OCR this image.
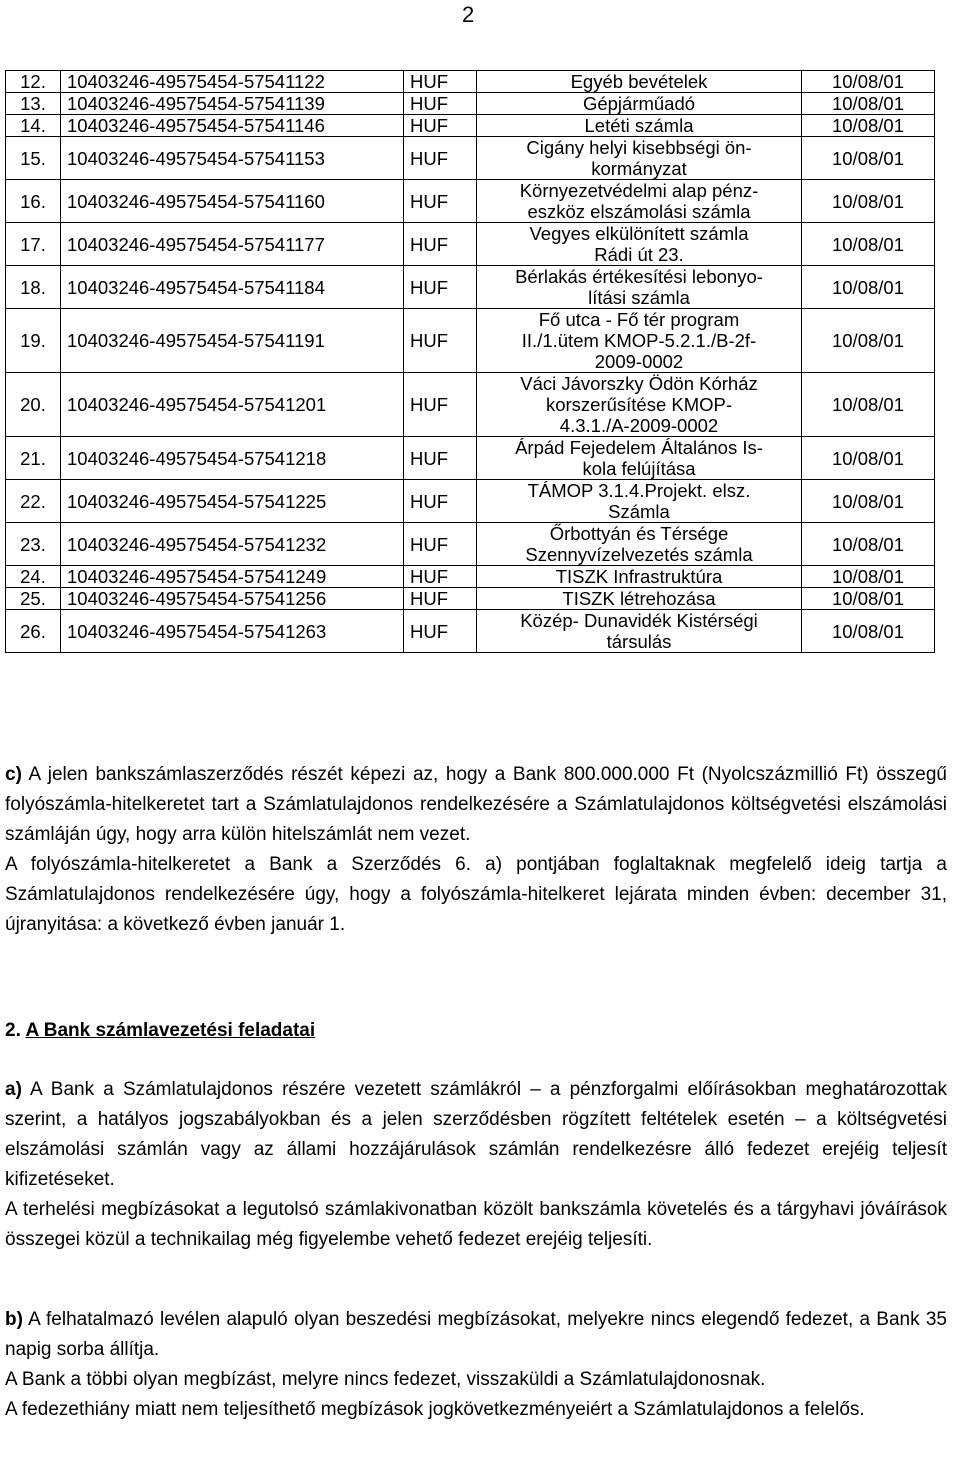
2
12.	10403246-49575454-57541122	HUF	Egyéb bevételek	10/08/01
13.	10403246-49575454-57541139	HUF	Gépjárműadó	10/08/01
14.	10403246-49575454-57541146	HUF	Letéti számla	10/08/01
15.	10403246-49575454-57541153	HUF	Cigány helyi kisebbségi ön-
kormányzat	10/08/01
16.	10403246-49575454-57541160	HUF	Környezetvédelmi alap pénz-
eszköz elszámolási számla	10/08/01
17.	10403246-49575454-57541177	HUF	Vegyes elkülönített számla
Rádi út 23.	10/08/01
18.	10403246-49575454-57541184	HUF	Bérlakás értékesítési lebonyo-
lítási számla	10/08/01
19.	10403246-49575454-57541191	HUF	Fő utca - Fő tér program
II./1.ütem KMOP-5.2.1./B-2f-
2009-0002	10/08/01
20.	10403246-49575454-57541201	HUF	Váci Jávorszky Ödön Kórház
korszerűsítése KMOP-
4.3.1./A-2009-0002	10/08/01
21.	10403246-49575454-57541218	HUF	Árpád Fejedelem Általános Is-
kola felújítása	10/08/01
22.	10403246-49575454-57541225	HUF	TÁMOP 3.1.4.Projekt. elsz.
Számla	10/08/01
23.	10403246-49575454-57541232	HUF	Őrbottyán és Térsége
Szennyvízelvezetés számla	10/08/01
24.	10403246-49575454-57541249	HUF	TISZK Infrastruktúra	10/08/01
25.	10403246-49575454-57541256	HUF	TISZK létrehozása	10/08/01
26.	10403246-49575454-57541263	HUF	Közép- Dunavidék Kistérségi
társulás	10/08/01

c) A jelen bankszámlaszerződés részét képezi az, hogy a Bank 800.000.000 Ft (Nyolcszázmillió Ft) összegű folyószámla-hitelkeretet tart a Számlatulajdonos rendelkezésére a Számlatulajdonos költségvetési elszámolási számláján úgy, hogy arra külön hitelszámlát nem vezet.

A folyószámla-hitelkeretet a Bank a Szerződés 6. a) pontjában foglaltaknak megfelelő ideig tartja a Számlatulajdonos rendelkezésére úgy, hogy a folyószámla-hitelkeret lejárata minden évben: december 31, újranyitása: a következő évben január 1.

2. A Bank számlavezetési feladatai

a) A Bank a Számlatulajdonos részére vezetett számlákról – a pénzforgalmi előírásokban meghatározottak szerint, a hatályos jogszabályokban és a jelen szerződésben rögzített feltételek esetén – a költségvetési elszámolási számlán vagy az állami hozzájárulások számlán rendelkezésre álló fedezet erejéig teljesít kifizetéseket.

A terhelési megbízásokat a legutolsó számlakivonatban közölt bankszámla követelés és a tárgyhavi jóváírások összegei közül a technikailag még figyelembe vehető fedezet erejéig teljesíti.

b) A felhatalmazó levélen alapuló olyan beszedési megbízásokat, melyekre nincs elegendő fedezet, a Bank 35 napig sorba állítja.

A Bank a többi olyan megbízást, melyre nincs fedezet, visszaküldi a Számlatulajdonosnak.

A fedezethiány miatt nem teljesíthető megbízások jogkövetkezményeiért a Számlatulajdonos a felelős.
